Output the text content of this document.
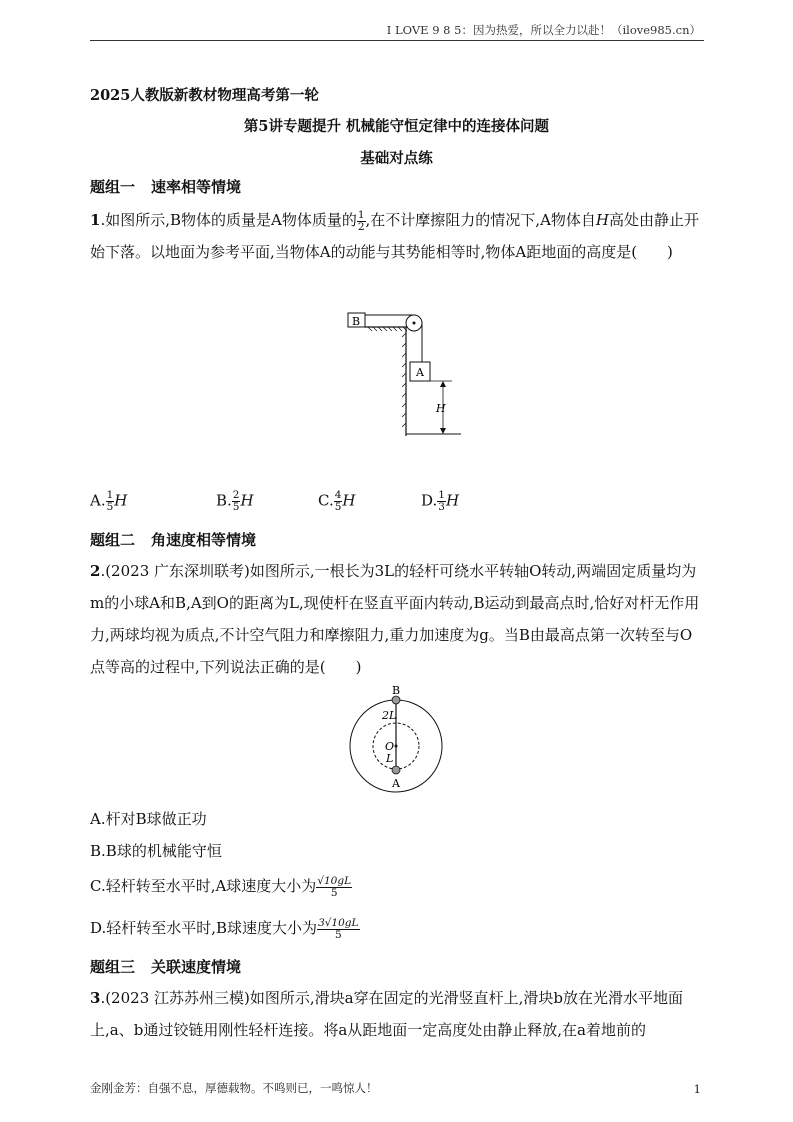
I LOVE 9 8 5：因为热爱，所以全力以赴！（ilove985.cn）
2025人教版新教材物理高考第一轮
第5讲专题提升 机械能守恒定律中的连接体问题
基础对点练
题组一 速率相等情境
1.如图所示,B物体的质量是A物体质量的 $\frac{1}{2}$ ,在不计摩擦阻力的情况下,A物体自H高处由静止开始下落。以地面为参考平面,当物体A的动能与其势能相等时,物体A距地面的高度是(　　)
B
A
H
A. $\frac{1}{5}$ H	B. $\frac{2}{5}$ H	C. $\frac{4}{5}$ H	D. $\frac{1}{3}$ H
题组二 角速度相等情境
2.(2023 广东深圳联考)如图所示,一根长为3L的轻杆可绕水平转轴O转动,两端固定质量均为m的小球A和B,A到O的距离为L,现使杆在竖直平面内转动,B运动到最高点时,恰好对杆无作用力,两球均视为质点,不计空气阻力和摩擦阻力,重力加速度为g。当B由最高点第一次转至与O点等高的过程中,下列说法正确的是(　　)
B
A
2L
O
L
A.杆对B球做正功
B.B球的机械能守恒
C.轻杆转至水平时,A球速度大小为 $\frac{√10gL}{5}$
D.轻杆转至水平时,B球速度大小为 $\frac{3√10gL}{5}$
题组三 关联速度情境
3.(2023 江苏苏州三模)如图所示,滑块a穿在固定的光滑竖直杆上,滑块b放在光滑水平地面上,a、b通过铰链用刚性轻杆连接。将a从距地面一定高度处由静止释放,在a着地前的
金刚金芳：自强不息，厚德载物。不鸣则已，一鸣惊人！	1
